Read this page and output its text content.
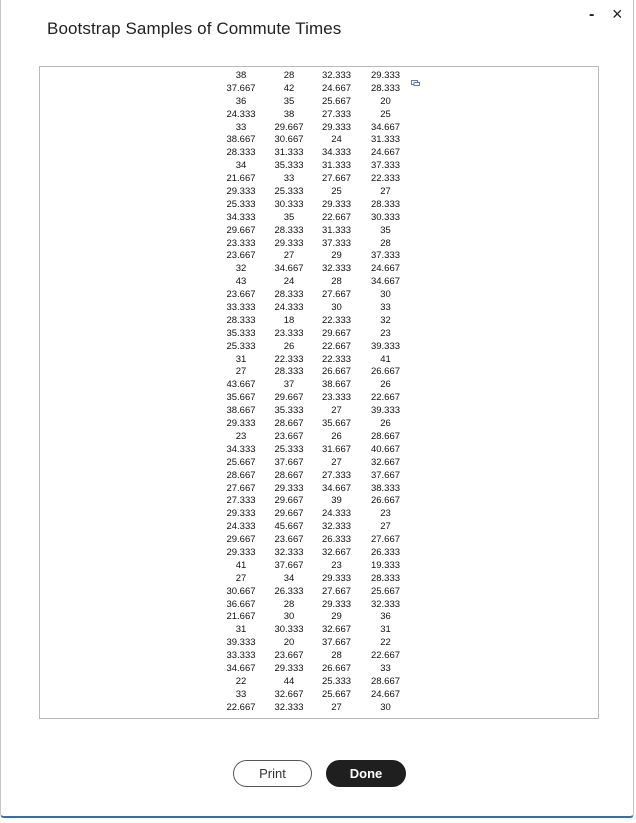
Bootstrap Samples of Commute Times
- ×
38	28	32.333 29.333
37.667	42	24.667 28.333
36	35	25.667	20
24.333	38	27.333	25
33	29.667 29.333 34.667
38.667 30.667	24	31.333
28.333 31.333 34.333 24.667
34	35.333 31.333 37.333
21.667	33	27.667 22.333
29.333 25.333	25	27
25.333 30.333 29.333 28.333
34.333	35	22.667 30.333
29.667 28.333 31.333	35
23.333 29.333 37.333	28
23.667	27	29	37.333
32	34.667 32.333 24.667
43	24	28	34.667
23.667 28.333 27.667	30
33.333 24.333	30	33
28.333	18	22.333	32
35.333 23.333 29.667	23
25.333	26	22.667 39.333
31	22.333 22.333	41
27	28.333 26.667 26.667
43.667	37	38.667	26
35.667 29.667 23.333 22.667
38.667 35.333	27	39.333
29.333 28.667 35.667	26
23	23.667	26	28.667
34.333 25.333 31.667 40.667
25.667 37.667	27	32.667
28.667 28.667 27.333 37.667
27.667 29.333 34.667 38.333
27.333 29.667	39	26.667
29.333 29.667 24.333	23
24.333 45.667 32.333	27
29.667 23.667 26.333 27.667
29.333 32.333 32.667 26.333
41	37.667	23	19.333
27	34	29.333 28.333
30.667 26.333 27.667 25.667
36.667	28	29.333 32.333
21.667	30	29	36
31	30.333 32.667	31
39.333	20	37.667	22
33.333 23.667	28	22.667
34.667 29.333 26.667	33
22	44	25.333 28.667
33	32.667 25.667 24.667
22.667 32.333	27	30
Print	Done
